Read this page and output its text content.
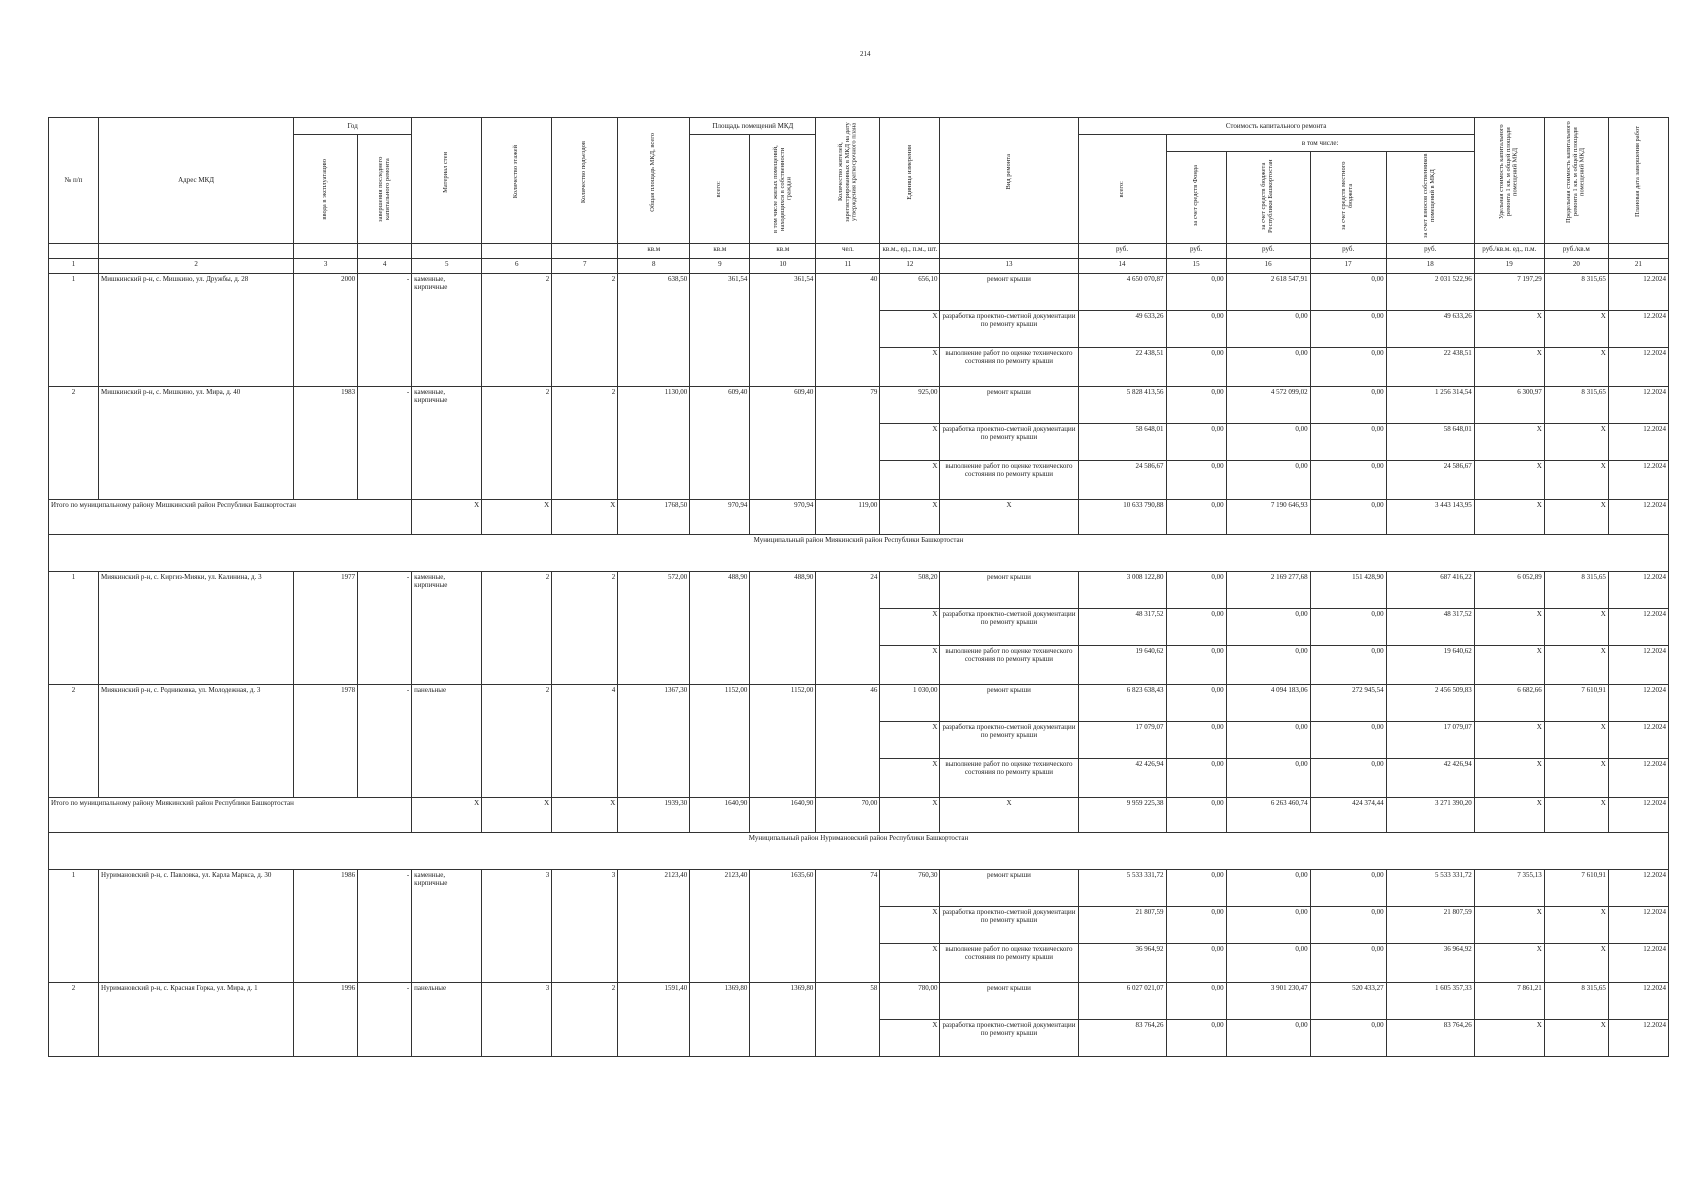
214
№ п/п	Адрес МКД	Год		Материал стен	Количество этажей	Количество подъездов	Общая площадь МКД, всего	Площадь помещений МКД		Количество жителей, зарегистрированных в МКД на дату утверждения краткосрочного плана	Единица измерения	Вид ремонта	Стоимость капитального ремонта					Удельная стоимость капитального ремонта 1 кв. м общей площади помещений МКД	Предельная стоимость капитального ремонта 1 кв. м общей площади помещений МКД	Плановая дата завершения работ

		ввода в эксплуатацию	завершения последнего капитального ремонта					всего:	в том числе жилых помещений, находящихся в собственности граждан				всего:	в том числе:						

														за счет средств Фонда	за счет средств бюджета Республики Башкортостан	за счет средств местного бюджета	за счет взносов собственников помещений в МКД			

							кв.м	кв.м	кв.м	чел.	кв.м., ед., п.м., шт.		руб.	руб.	руб.	руб.	руб.	руб./кв.м. ед., п.м.	руб./кв.м	
1	2	3	4	5	6	7	8	9	10	11	12	13	14	15	16	17	18	19	20	21
1	Мишкинский р-н, с. Мишкино, ул. Дружбы, д. 28	2000	-	каменные, кирпичные	2	2	638,50	361,54	361,54	40	656,10	ремонт крыши	4 650 070,87	0,00	2 618 547,91	0,00	2 031 522,96	7 197,29	8 315,65	12.2024
											X	разработка проектно-сметной документации по ремонту крыши	49 633,26	0,00	0,00	0,00	49 633,26	X	X	12.2024
											X	выполнение работ по оценке технического состояния по ремонту крыши	22 438,51	0,00	0,00	0,00	22 438,51	X	X	12.2024
2	Мишкинский р-н, с. Мишкино, ул. Мира, д. 40	1983	-	каменные, кирпичные	2	2	1130,00	609,40	609,40	79	925,00	ремонт крыши	5 828 413,56	0,00	4 572 099,02	0,00	1 256 314,54	6 300,97	8 315,65	12.2024
											X	разработка проектно-сметной документации по ремонту крыши	58 648,01	0,00	0,00	0,00	58 648,01	X	X	12.2024
											X	выполнение работ по оценке технического состояния по ремонту крыши	24 586,67	0,00	0,00	0,00	24 586,67	X	X	12.2024
Итого по муниципальному району Мишкинский район Республики Башкортостан				X	X	X	1768,50	970,94	970,94	119,00	X	X	10 633 790,88	0,00	7 190 646,93	0,00	3 443 143,95	X	X	12.2024
Муниципальный район Миякинский район Республики Башкортостан																				
1	Миякинский р-н, с. Киргиз-Мияки, ул. Калинина, д. 3	1977	-	каменные, кирпичные	2	2	572,00	488,90	488,90	24	508,20	ремонт крыши	3 008 122,80	0,00	2 169 277,68	151 428,90	687 416,22	6 052,89	8 315,65	12.2024
											X	разработка проектно-сметной документации по ремонту крыши	48 317,52	0,00	0,00	0,00	48 317,52	X	X	12.2024
											X	выполнение работ по оценке технического состояния по ремонту крыши	19 640,62	0,00	0,00	0,00	19 640,62	X	X	12.2024
2	Миякинский р-н, с. Родниковка, ул. Молодежная, д. 3	1978	-	панельные	2	4	1367,30	1152,00	1152,00	46	1 030,00	ремонт крыши	6 823 638,43	0,00	4 094 183,06	272 945,54	2 456 509,83	6 682,66	7 610,91	12.2024
											X	разработка проектно-сметной документации по ремонту крыши	17 079,07	0,00	0,00	0,00	17 079,07	X	X	12.2024
											X	выполнение работ по оценке технического состояния по ремонту крыши	42 426,94	0,00	0,00	0,00	42 426,94	X	X	12.2024
Итого по муниципальному району Миякинский район Республики Башкортостан				X	X	X	1939,30	1640,90	1640,90	70,00	X	X	9 959 225,38	0,00	6 263 460,74	424 374,44	3 271 390,20	X	X	12.2024
Муниципальный район Нуримановский район Республики Башкортостан																				
1	Нуримановский р-н, с. Павловка, ул. Карла Маркса, д. 30	1986	-	каменные, кирпичные	3	3	2123,40	2123,40	1635,60	74	760,30	ремонт крыши	5 533 331,72	0,00	0,00	0,00	5 533 331,72	7 355,13	7 610,91	12.2024
											X	разработка проектно-сметной документации по ремонту крыши	21 807,59	0,00	0,00	0,00	21 807,59	X	X	12.2024
											X	выполнение работ по оценке технического состояния по ремонту крыши	36 964,92	0,00	0,00	0,00	36 964,92	X	X	12.2024
2	Нуримановский р-н, с. Красная Горка, ул. Мира, д. 1	1996	-	панельные	3	2	1591,40	1369,80	1369,80	58	780,00	ремонт крыши	6 027 021,07	0,00	3 901 230,47	520 433,27	1 605 357,33	7 861,21	8 315,65	12.2024
											X	разработка проектно-сметной документации по ремонту крыши	83 764,26	0,00	0,00	0,00	83 764,26	X	X	12.2024
